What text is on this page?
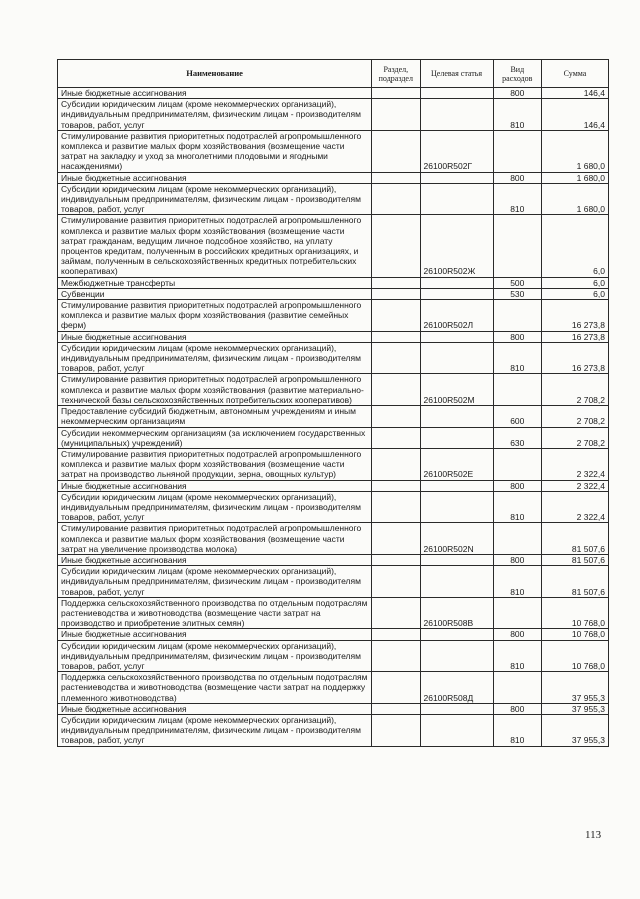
Наименование	Раздел, подраздел	Целевая статья	Вид расходов	Сумма
Иные бюджетные ассигнования			800	146,4
Субсидии юридическим лицам (кроме некоммерческих организаций), индивидуальным предпринимателям, физическим лицам - производителям товаров, работ, услуг			810	146,4
Стимулирование развития приоритетных подотраслей агропромышленного комплекса и развитие малых форм хозяйствования (возмещение части затрат на закладку и уход за многолетними плодовыми и ягодными насаждениями)		26100R502Г		1 680,0
Иные бюджетные ассигнования			800	1 680,0
Субсидии юридическим лицам (кроме некоммерческих организаций), индивидуальным предпринимателям, физическим лицам - производителям товаров, работ, услуг			810	1 680,0
Стимулирование развития приоритетных подотраслей агропромышленного комплекса и развитие малых форм хозяйствования (возмещение части затрат гражданам, ведущим личное подсобное хозяйство, на уплату процентов кредитам, полученным в российских кредитных организациях, и займам, полученным в сельскохозяйственных кредитных потребительских кооперативах)		26100R502Ж		6,0
Межбюджетные трансферты			500	6,0
Субвенции			530	6,0
Стимулирование развития приоритетных подотраслей агропромышленного комплекса и развитие малых форм хозяйствования (развитие семейных ферм)		26100R502Л		16 273,8
Иные бюджетные ассигнования			800	16 273,8
Субсидии юридическим лицам (кроме некоммерческих организаций), индивидуальным предпринимателям, физическим лицам - производителям товаров, работ, услуг			810	16 273,8
Стимулирование развития приоритетных подотраслей агропромышленного комплекса и развитие малых форм хозяйствования (развитие материально-технической базы сельскохозяйственных потребительских кооперативов)		26100R502М		2 708,2
Предоставление субсидий бюджетным, автономным учреждениям и иным некоммерческим организациям			600	2 708,2
Субсидии некоммерческим организациям (за исключением государственных (муниципальных) учреждений)			630	2 708,2
Стимулирование развития приоритетных подотраслей агропромышленного комплекса и развитие малых форм хозяйствования (возмещение части затрат на производство льняной продукции, зерна, овощных культур)		26100R502Е		2 322,4
Иные бюджетные ассигнования			800	2 322,4
Субсидии юридическим лицам (кроме некоммерческих организаций), индивидуальным предпринимателям, физическим лицам - производителям товаров, работ, услуг			810	2 322,4
Стимулирование развития приоритетных подотраслей агропромышленного комплекса и развитие малых форм хозяйствования (возмещение части затрат на увеличение производства молока)		26100R502N		81 507,6
Иные бюджетные ассигнования			800	81 507,6
Субсидии юридическим лицам (кроме некоммерческих организаций), индивидуальным предпринимателям, физическим лицам - производителям товаров, работ, услуг			810	81 507,6
Поддержка сельскохозяйственного производства по отдельным подотраслям растениеводства и животноводства (возмещение части затрат на производство и приобретение элитных семян)		26100R508В		10 768,0
Иные бюджетные ассигнования			800	10 768,0
Субсидии юридическим лицам (кроме некоммерческих организаций), индивидуальным предпринимателям, физическим лицам - производителям товаров, работ, услуг			810	10 768,0
Поддержка сельскохозяйственного производства по отдельным подотраслям растениеводства и животноводства (возмещение части затрат на поддержку племенного животноводства)		26100R508Д		37 955,3
Иные бюджетные ассигнования			800	37 955,3
Субсидии юридическим лицам (кроме некоммерческих организаций), индивидуальным предпринимателям, физическим лицам - производителям товаров, работ, услуг			810	37 955,3
113
